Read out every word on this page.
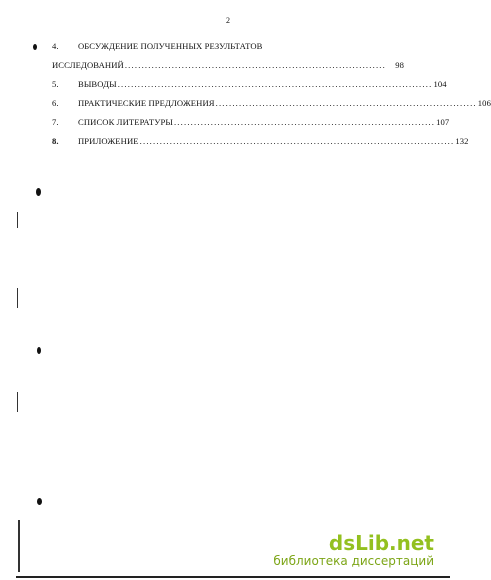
2
4.	ОБСУЖДЕНИЕ ПОЛУЧЕННЫХ РЕЗУЛЬТАТОВ
ИССЛЕДОВАНИЙ ..............................................................................	98
5.	ВЫВОДЫ .............................................................................................. 104
6.	ПРАКТИЧЕСКИЕ ПРЕДЛОЖЕНИЯ .............................................................................. 106
7.	СПИСОК ЛИТЕРАТУРЫ .............................................................................. 107
8.	ПРИЛОЖЕНИЕ .............................................................................................. 132
dsLib.net
библиотека диссертаций
